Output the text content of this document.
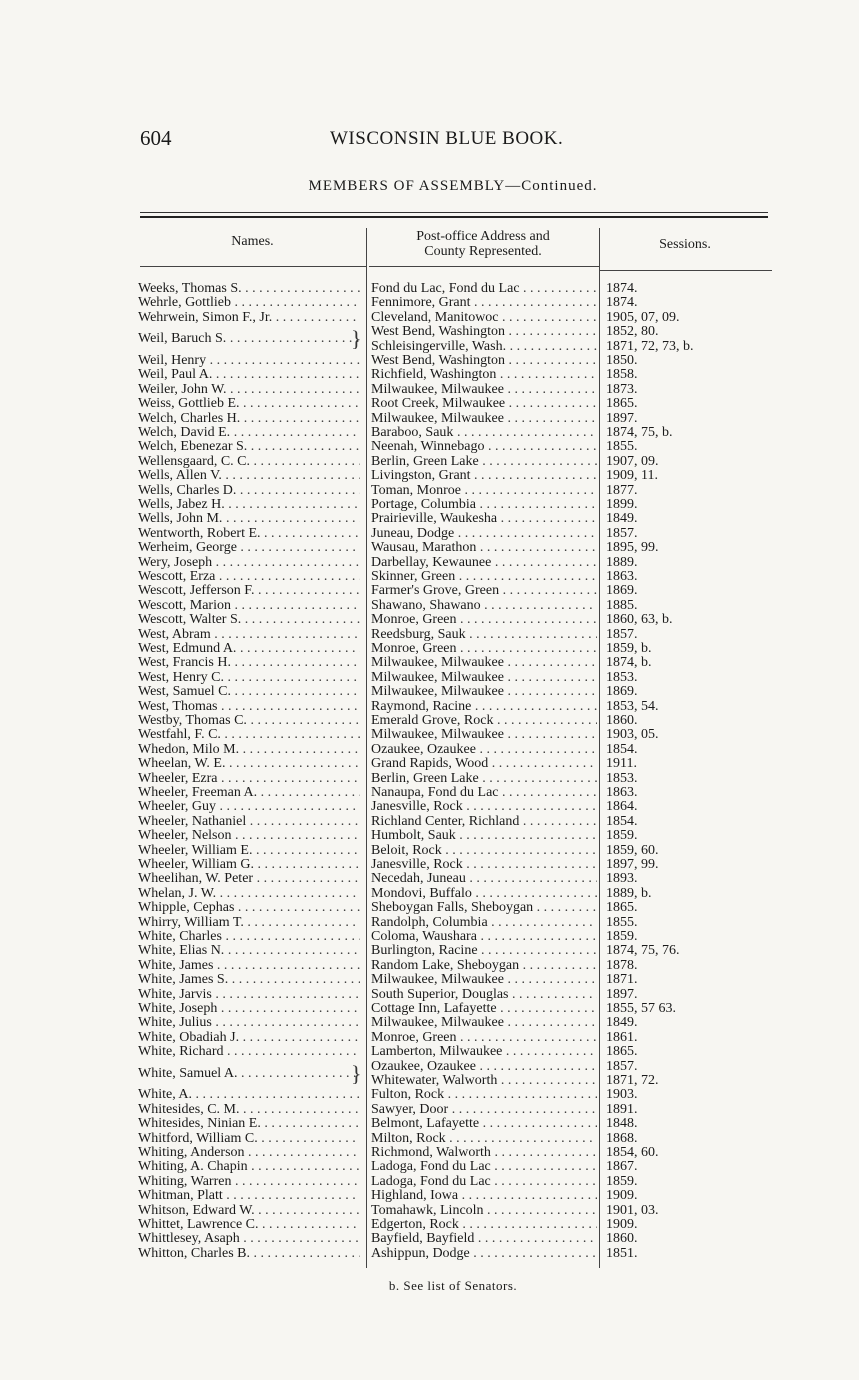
604	WISCONSIN BLUE BOOK.
MEMBERS OF ASSEMBLY—Continued.
Names.	Post-office Address and
County Represented.	Sessions.
Weeks, Thomas S. . . .	Fond du Lac, Fond du Lac . . .	1874.
Wehrle, Gottlieb . . .	Fennimore, Grant . . .	1874.
Wehrwein, Simon F., Jr. . . .	Cleveland, Manitowoc . . .	1905, 07, 09.
Weil, Baruch S. . . .	West Bend, Washington . . .	1852, 80.
} Schleisingerville, Wash. . . .	1871, 72, 73, b.
Weil, Henry . . .	West Bend, Washington . . .	1850.
Weil, Paul A. . . .	Richfield, Washington . . .	1858.
Weiler, John W. . . .	Milwaukee, Milwaukee . . .	1873.
Weiss, Gottlieb E. . . .	Root Creek, Milwaukee . . .	1865.
Welch, Charles H. . . .	Milwaukee, Milwaukee . . .	1897.
Welch, David E. . . .	Baraboo, Sauk . . .	1874, 75, b.
Welch, Ebenezar S. . . .	Neenah, Winnebago . . .	1855.
Wellensgaard, C. C. . . .	Berlin, Green Lake . . .	1907, 09.
Wells, Allen V. . . .	Livingston, Grant . . .	1909, 11.
Wells, Charles D. . . .	Toman, Monroe . . .	1877.
Wells, Jabez H. . . .	Portage, Columbia . . .	1899.
Wells, John M. . . .	Prairieville, Waukesha . . .	1849.
Wentworth, Robert E. . . .	Juneau, Dodge . . .	1857.
Werheim, George . . .	Wausau, Marathon . . .	1895, 99.
Wery, Joseph . . .	Darbellay, Kewaunee . . .	1889.
Wescott, Erza . . .	Skinner, Green . . .	1863.
Wescott, Jefferson F. . . .	Farmer's Grove, Green . . .	1869.
Wescott, Marion . . .	Shawano, Shawano . . .	1885.
Wescott, Walter S. . . .	Monroe, Green . . .	1860, 63, b.
West, Abram . . .	Reedsburg, Sauk . . .	1857.
West, Edmund A. . . .	Monroe, Green . . .	1859, b.
West, Francis H. . . .	Milwaukee, Milwaukee . . .	1874, b.
West, Henry C. . . .	Milwaukee, Milwaukee . . .	1853.
West, Samuel C. . . .	Milwaukee, Milwaukee . . .	1869.
West, Thomas . . .	Raymond, Racine . . .	1853, 54.
Westby, Thomas C. . . .	Emerald Grove, Rock . . .	1860.
Westfahl, F. C. . . .	Milwaukee, Milwaukee . . .	1903, 05.
Whedon, Milo M. . . .	Ozaukee, Ozaukee . . .	1854.
Wheelan, W. E. . . .	Grand Rapids, Wood . . .	1911.
Wheeler, Ezra . . .	Berlin, Green Lake . . .	1853.
Wheeler, Freeman A. . . .	Nanaupa, Fond du Lac . . .	1863.
Wheeler, Guy . . .	Janesville, Rock . . .	1864.
Wheeler, Nathaniel . . .	Richland Center, Richland . . .	1854.
Wheeler, Nelson . . .	Humbolt, Sauk . . .	1859.
Wheeler, William E. . . .	Beloit, Rock . . .	1859, 60.
Wheeler, William G. . . .	Janesville, Rock . . .	1897, 99.
Wheelihan, W. Peter . . .	Necedah, Juneau . . .	1893.
Whelan, J. W. . . .	Mondovi, Buffalo . . .	1889, b.
Whipple, Cephas . . .	Sheboygan Falls, Sheboygan . . .	1865.
Whirry, William T. . . .	Randolph, Columbia . . .	1855.
White, Charles . . .	Coloma, Waushara . . .	1859.
White, Elias N. . . .	Burlington, Racine . . .	1874, 75, 76.
White, James . . .	Random Lake, Sheboygan . . .	1878.
White, James S. . . .	Milwaukee, Milwaukee . . .	1871.
White, Jarvis . . .	South Superior, Douglas . . .	1897.
White, Joseph . . .	Cottage Inn, Lafayette . . .	1855, 57 63.
White, Julius . . .	Milwaukee, Milwaukee . . .	1849.
White, Obadiah J. . . .	Monroe, Green . . .	1861.
White, Richard . . .	Lamberton, Milwaukee . . .	1865.
White, Samuel A. . . .	Ozaukee, Ozaukee . . .	1857.
} Whitewater, Walworth . . .	1871, 72.
White, A. . . .	Fulton, Rock . . .	1903.
Whitesides, C. M. . . .	Sawyer, Door . . .	1891.
Whitesides, Ninian E. . . .	Belmont, Lafayette . . .	1848.
Whitford, William C. . . .	Milton, Rock . . .	1868.
Whiting, Anderson . . .	Richmond, Walworth . . .	1854, 60.
Whiting, A. Chapin . . .	Ladoga, Fond du Lac . . .	1867.
Whiting, Warren . . .	Ladoga, Fond du Lac . . .	1859.
Whitman, Platt . . .	Highland, Iowa . . .	1909.
Whitson, Edward W. . . .	Tomahawk, Lincoln . . .	1901, 03.
Whittet, Lawrence C. . . .	Edgerton, Rock . . .	1909.
Whittlesey, Asaph . . .	Bayfield, Bayfield . . .	1860.
Whitton, Charles B. . . .	Ashippun, Dodge . . .	1851.
b. See list of Senators.
